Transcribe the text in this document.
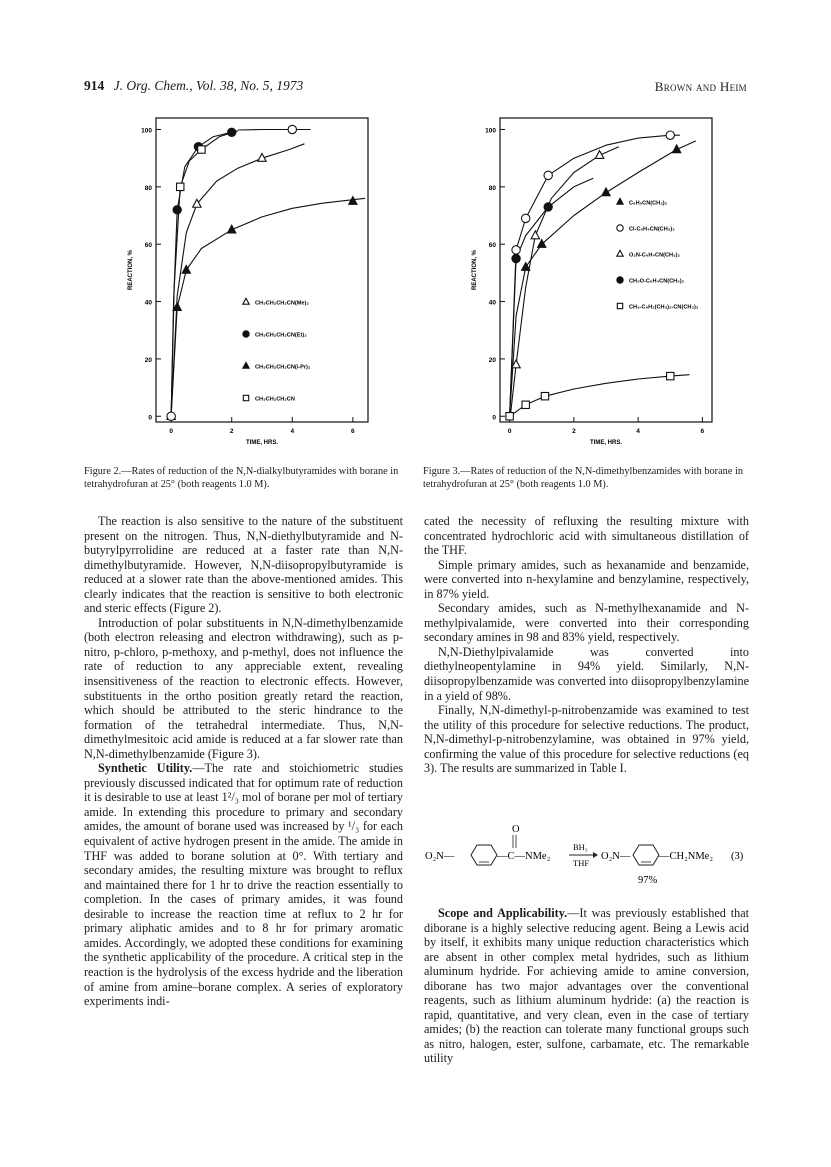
914 J. Org. Chem., Vol. 38, No. 5, 1973	Brown and Heim
0
20
40
60
80
100
0	2	4	6
TIME, HRS.
REACTION, %
CH₃CH₂CH₂CN(Me)₂
CH₃CH₂CH₂CN(Et)₂
CH₃CH₂CH₂CN(i-Pr)₂
CH₃CH₂CH₂CN
Figure 2.—Rates of reduction of the N,N-dialkylbutyramides with borane in tetrahydrofuran at 25° (both reagents 1.0 M).
0
20
40
60
80
100
0	2	4	6
TIME, HRS.
REACTION, %
C₆H₅CN(CH₃)₂
Cl-C₆H₄CN(CH₃)₂
O₂N-C₆H₄CN(CH₃)₂
CH₃O-C₆H₄CN(CH₃)₂
CH₃-C₆H₂(CH₃)₂-CN(CH₃)₂
Figure 3.—Rates of reduction of the N,N-dimethylbenzamides with borane in tetrahydrofuran at 25° (both reagents 1.0 M).

The reaction is also sensitive to the nature of the substituent present on the nitrogen. Thus, N,N-diethylbutyramide and N-butyrylpyrrolidine are reduced at a faster rate than N,N-dimethylbutyramide. However, N,N-diisopropylbutyramide is reduced at a slower rate than the above-mentioned amides. This clearly indicates that the reaction is sensitive to both electronic and steric effects (Figure 2).

Introduction of polar substituents in N,N-dimethylbenzamide (both electron releasing and electron withdrawing), such as p-nitro, p-chloro, p-methoxy, and p-methyl, does not influence the rate of reduction to any appreciable extent, revealing insensitiveness of the reaction to electronic effects. However, substituents in the ortho position greatly retard the reaction, which should be attributed to the steric hindrance to the formation of the tetrahedral intermediate. Thus, N,N-dimethylmesitoic acid amide is reduced at a far slower rate than N,N-dimethylbenzamide (Figure 3).

Synthetic Utility.—The rate and stoichiometric studies previously discussed indicated that for optimum rate of reduction it is desirable to use at least 1²/₃ mol of borane per mol of tertiary amide. In extending this procedure to primary and secondary amides, the amount of borane used was increased by ¹/₃ for each equivalent of active hydrogen present in the amide. The amide in THF was added to borane solution at 0°. With tertiary and secondary amides, the resulting mixture was brought to reflux and maintained there for 1 hr to drive the reaction essentially to completion. In the cases of primary amides, it was found desirable to increase the reaction time at reflux to 2 hr for primary aliphatic amides and to 8 hr for primary aromatic amides. Accordingly, we adopted these conditions for examining the synthetic applicability of the procedure. A critical step in the reaction is the hydrolysis of the excess hydride and the liberation of amine from amine–borane complex. A series of exploratory experiments indi-

cated the necessity of refluxing the resulting mixture with concentrated hydrochloric acid with simultaneous distillation of the THF.

Simple primary amides, such as hexanamide and benzamide, were converted into n-hexylamine and benzylamine, respectively, in 87% yield.

Secondary amides, such as N-methylhexanamide and N-methylpivalamide, were converted into their corresponding secondary amines in 98 and 83% yield, respectively.

N,N-Diethylpivalamide was converted into diethylneopentylamine in 94% yield. Similarly, N,N-diisopropylbenzamide was converted into diisopropylbenzylamine in a yield of 98%.

Finally, N,N-dimethyl-p-nitrobenzamide was examined to test the utility of this procedure for selective reductions. The product, N,N-dimethyl-p-nitrobenzylamine, was obtained in 97% yield, confirming the value of this procedure for selective reductions (eq 3). The results are summarized in Table I.

O₂N—
O
—C—NMe₂
BH₃
THF
O₂N—	—CH₂NMe₂ (3)
97%

Scope and Applicability.—It was previously established that diborane is a highly selective reducing agent. Being a Lewis acid by itself, it exhibits many unique reduction characteristics which are absent in other complex metal hydrides, such as lithium aluminum hydride. For achieving amide to amine conversion, diborane has two major advantages over the conventional reagents, such as lithium aluminum hydride: (a) the reaction is rapid, quantitative, and very clean, even in the case of tertiary amides; (b) the reaction can tolerate many functional groups such as nitro, halogen, ester, sulfone, carbamate, etc. The remarkable utility
